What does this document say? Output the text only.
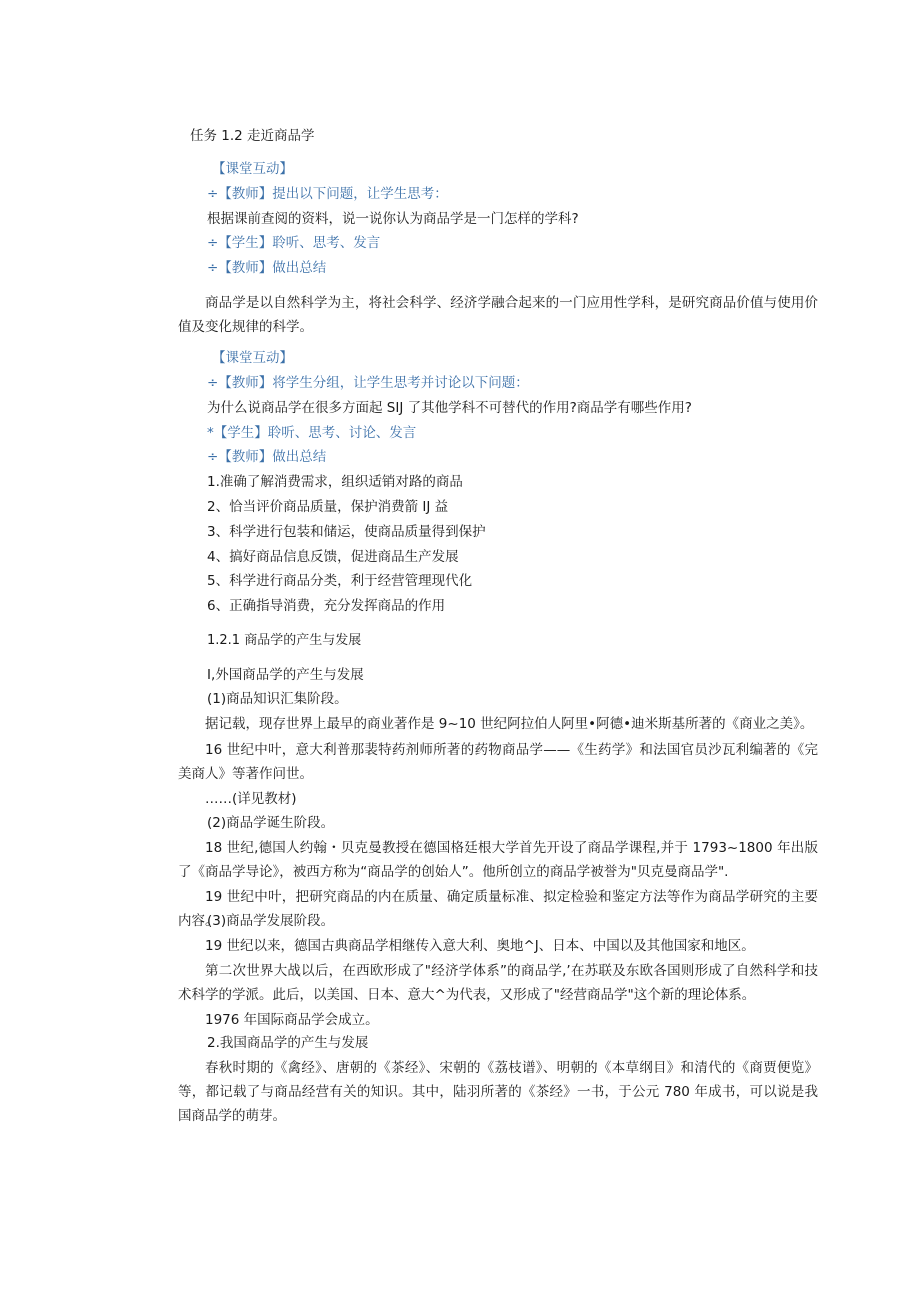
任务 1.2 走近商品学
【课堂互动】
÷【教师】提出以下问题，让学生思考：
根据课前查阅的资料，说一说你认为商品学是一门怎样的学科?
÷【学生】聆听、思考、发言
÷【教师】做出总结
商品学是以自然科学为主，将社会科学、经济学融合起来的一门应用性学科，是研究商品价值与使用价值及变化规律的科学。
【课堂互动】
÷【教师】将学生分组，让学生思考并讨论以下问题：
为什么说商品学在很多方面起 SIJ 了其他学科不可替代的作用?商品学有哪些作用?
*【学生】聆听、思考、讨论、发言
÷【教师】做出总结
1.准确了解消费需求，组织适销对路的商品
2、恰当评价商品质量，保护消费箭 IJ 益
3、科学进行包装和储运，使商品质量得到保护
4、搞好商品信息反馈，促进商品生产发展
5、科学进行商品分类，利于经营管理现代化
6、正确指导消费，充分发挥商品的作用
1.2.1 商品学的产生与发展
I,外国商品学的产生与发展
(1)商品知识汇集阶段。
据记载，现存世界上最早的商业著作是 9~10 世纪阿拉伯人阿里•阿德•迪米斯基所著的《商业之美》。
16 世纪中叶，意大利普那裴特药剂师所著的药物商品学——《生药学》和法国官员沙瓦利编著的《完美商人》等著作问世。
……(详见教材)
(2)商品学诞生阶段。
18 世纪,德国人约翰・贝克曼教授在德国格廷根大学首先开设了商品学课程,并于 1793~1800 年出版了《商品学导论》，被西方称为“商品学的创始人”。他所创立的商品学被誉为"贝克曼商品学".
19 世纪中叶，把研究商品的内在质量、确定质量标准、拟定检验和鉴定方法等作为商品学研究的主要内容。
(3)商品学发展阶段。
19 世纪以来，德国古典商品学相继传入意大利、奥地^J、日本、中国以及其他国家和地区。
第二次世界大战以后，在西欧形成了"经济学体系”的商品学,’在苏联及东欧各国则形成了自然科学和技术科学的学派。此后，以美国、日本、意大^为代表，又形成了"经营商品学"这个新的理论体系。
1976 年国际商品学会成立。
2.我国商品学的产生与发展
春秋时期的《禽经》、唐朝的《茶经》、宋朝的《荔枝谱》、明朝的《本草纲目》和清代的《商贾便览》等，都记载了与商品经营有关的知识。其中，陆羽所著的《茶经》一书，于公元 780 年成书，可以说是我国商品学的萌芽。
